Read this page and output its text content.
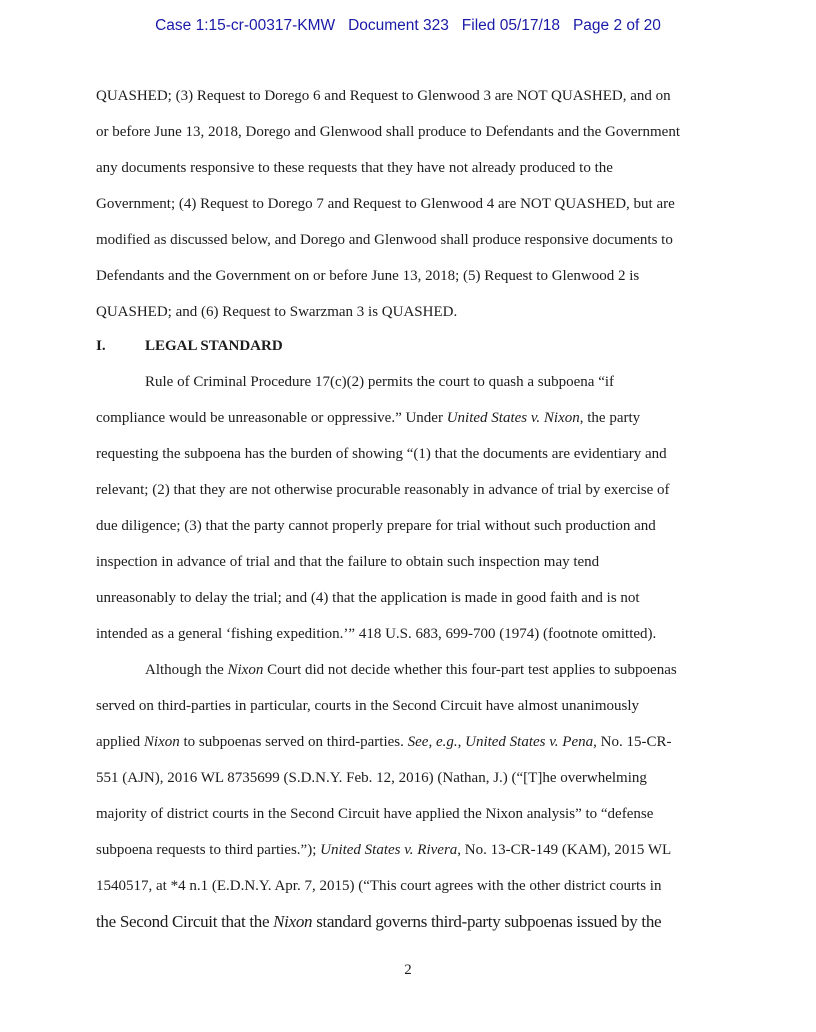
Case 1:15-cr-00317-KMW Document 323 Filed 05/17/18 Page 2 of 20
QUASHED; (3) Request to Dorego 6 and Request to Glenwood 3 are NOT QUASHED, and on
or before June 13, 2018, Dorego and Glenwood shall produce to Defendants and the Government
any documents responsive to these requests that they have not already produced to the
Government; (4) Request to Dorego 7 and Request to Glenwood 4 are NOT QUASHED, but are
modified as discussed below, and Dorego and Glenwood shall produce responsive documents to
Defendants and the Government on or before June 13, 2018; (5) Request to Glenwood 2 is
QUASHED; and (6) Request to Swarzman 3 is QUASHED.
I.	LEGAL STANDARD
Rule of Criminal Procedure 17(c)(2) permits the court to quash a subpoena “if
compliance would be unreasonable or oppressive.” Under United States v. Nixon, the party
requesting the subpoena has the burden of showing “(1) that the documents are evidentiary and
relevant; (2) that they are not otherwise procurable reasonably in advance of trial by exercise of
due diligence; (3) that the party cannot properly prepare for trial without such production and
inspection in advance of trial and that the failure to obtain such inspection may tend
unreasonably to delay the trial; and (4) that the application is made in good faith and is not
intended as a general ‘fishing expedition.’” 418 U.S. 683, 699-700 (1974) (footnote omitted).
Although the Nixon Court did not decide whether this four-part test applies to subpoenas
served on third-parties in particular, courts in the Second Circuit have almost unanimously
applied Nixon to subpoenas served on third-parties. See, e.g., United States v. Pena, No. 15-CR-
551 (AJN), 2016 WL 8735699 (S.D.N.Y. Feb. 12, 2016) (Nathan, J.) (“[T]he overwhelming
majority of district courts in the Second Circuit have applied the Nixon analysis” to “defense
subpoena requests to third parties.”); United States v. Rivera, No. 13-CR-149 (KAM), 2015 WL
1540517, at *4 n.1 (E.D.N.Y. Apr. 7, 2015) (“This court agrees with the other district courts in
the Second Circuit that the Nixon standard governs third-party subpoenas issued by the
2
